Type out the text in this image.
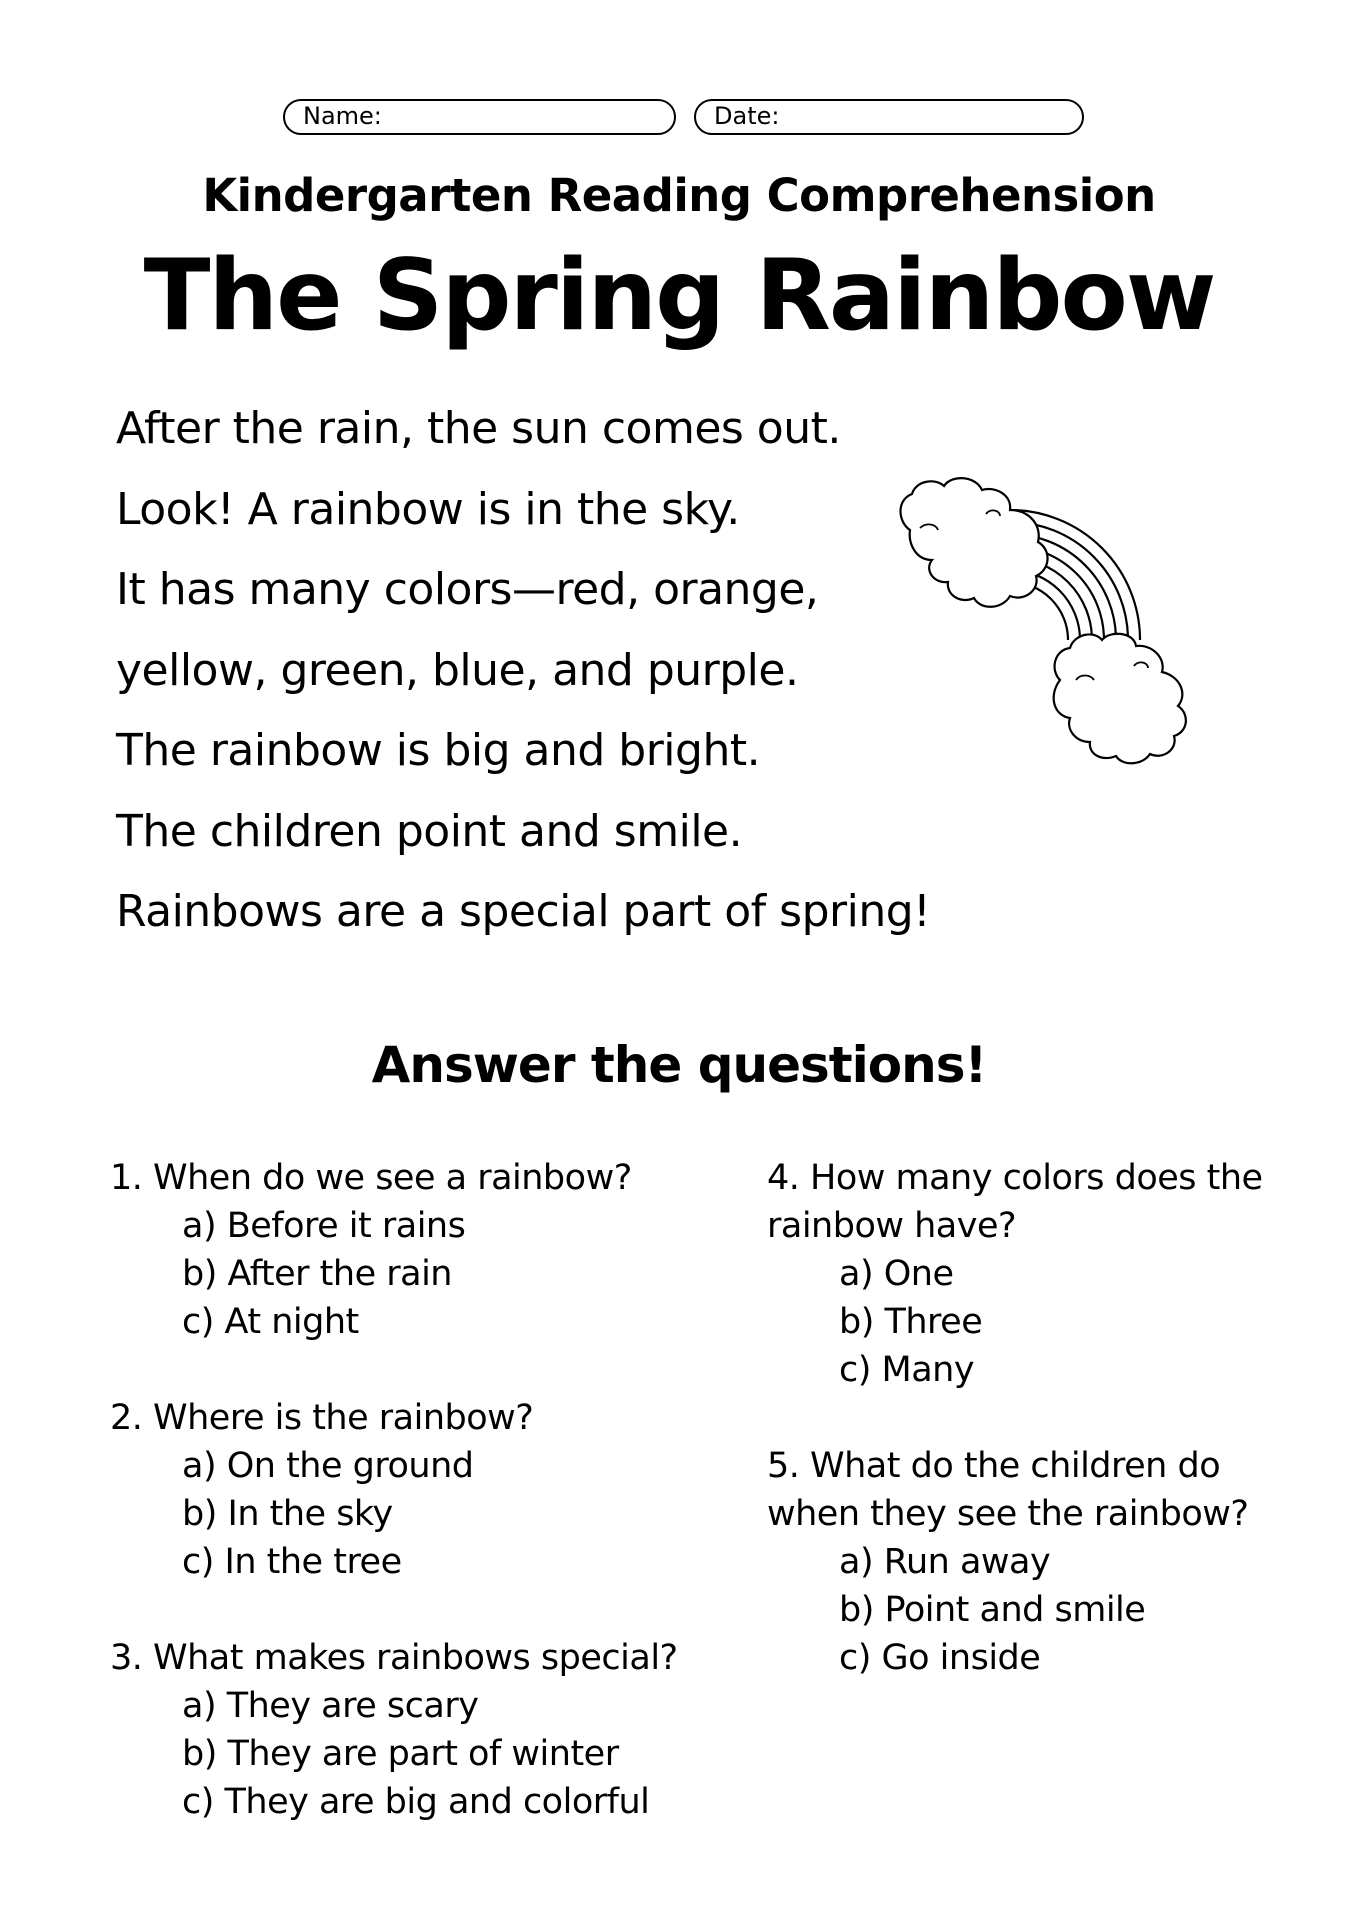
Name:	Date:
Kindergarten Reading Comprehension
The Spring Rainbow
After the rain, the sun comes out.
Look! A rainbow is in the sky.
It has many colors—red, orange,
yellow, green, blue, and purple.
The rainbow is big and bright.
The children point and smile.
Rainbows are a special part of spring!
Answer the questions!
1. When do we see a rainbow?
a) Before it rains
b) After the rain
c) At night
2. Where is the rainbow?
a) On the ground
b) In the sky
c) In the tree
3. What makes rainbows special?
a) They are scary
b) They are part of winter
c) They are big and colorful
4. How many colors does the rainbow have?
a) One
b) Three
c) Many
5. What do the children do when they see the rainbow?
a) Run away
b) Point and smile
c) Go inside
